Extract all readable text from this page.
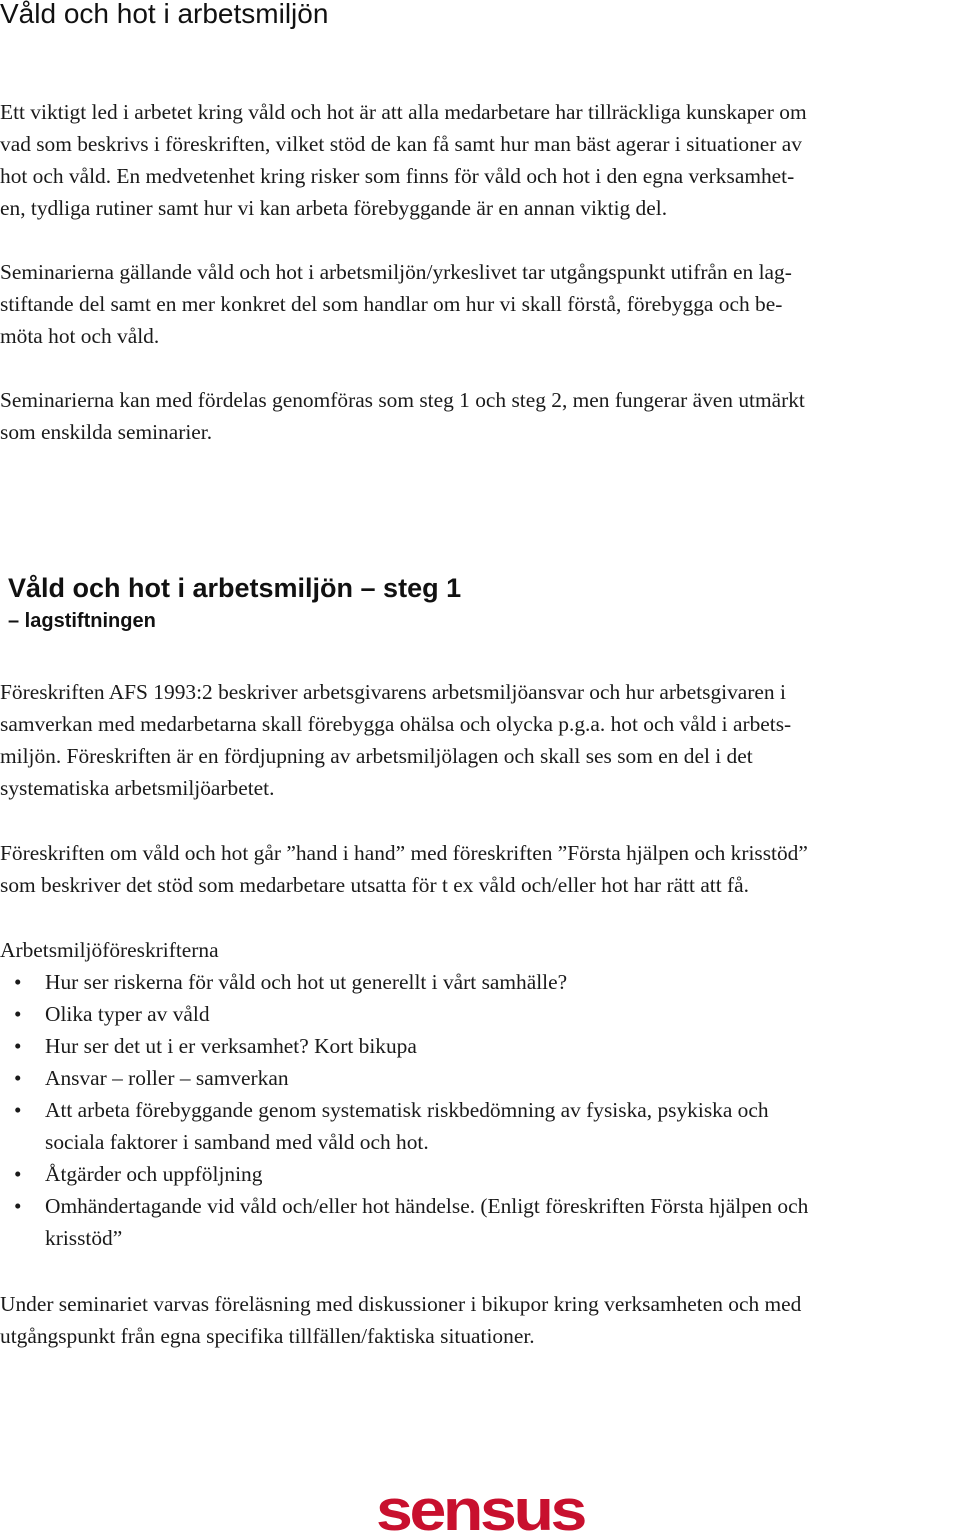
Våld och hot i arbetsmiljön

Ett viktigt led i arbetet kring våld och hot är att alla medarbetare har tillräckliga kunskaper om
vad som beskrivs i föreskriften, vilket stöd de kan få samt hur man bäst agerar i situationer av
hot och våld. En medvetenhet kring risker som finns för våld och hot i den egna verksamhet-
en, tydliga rutiner samt hur vi kan arbeta förebyggande är en annan viktig del.

Seminarierna gällande våld och hot i arbetsmiljön/yrkeslivet tar utgångspunkt utifrån en lag-
stiftande del samt en mer konkret del som handlar om hur vi skall förstå, förebygga och be-
möta hot och våld.

Seminarierna kan med fördelas genomföras som steg 1 och steg 2, men fungerar även utmärkt
som enskilda seminarier.

Våld och hot i arbetsmiljön – steg 1
– lagstiftningen

Föreskriften AFS 1993:2 beskriver arbetsgivarens arbetsmiljöansvar och hur arbetsgivaren i
samverkan med medarbetarna skall förebygga ohälsa och olycka p.g.a. hot och våld i arbets-
miljön. Föreskriften är en fördjupning av arbetsmiljölagen och skall ses som en del i det
systematiska arbetsmiljöarbetet.

Föreskriften om våld och hot går ”hand i hand” med föreskriften ”Första hjälpen och krisstöd”
som beskriver det stöd som medarbetare utsatta för t ex våld och/eller hot har rätt att få.

Arbetsmiljöföreskrifterna

• Hur ser riskerna för våld och hot ut generellt i vårt samhälle?
• Olika typer av våld
• Hur ser det ut i er verksamhet? Kort bikupa
• Ansvar – roller – samverkan
• Att arbeta förebyggande genom systematisk riskbedömning av fysiska, psykiska och
sociala faktorer i samband med våld och hot.
• Åtgärder och uppföljning
• Omhändertagande vid våld och/eller hot händelse. (Enligt föreskriften Första hjälpen och
krisstöd”

Under seminariet varvas föreläsning med diskussioner i bikupor kring verksamheten och med
utgångspunkt från egna specifika tillfällen/faktiska situationer.

sensus
